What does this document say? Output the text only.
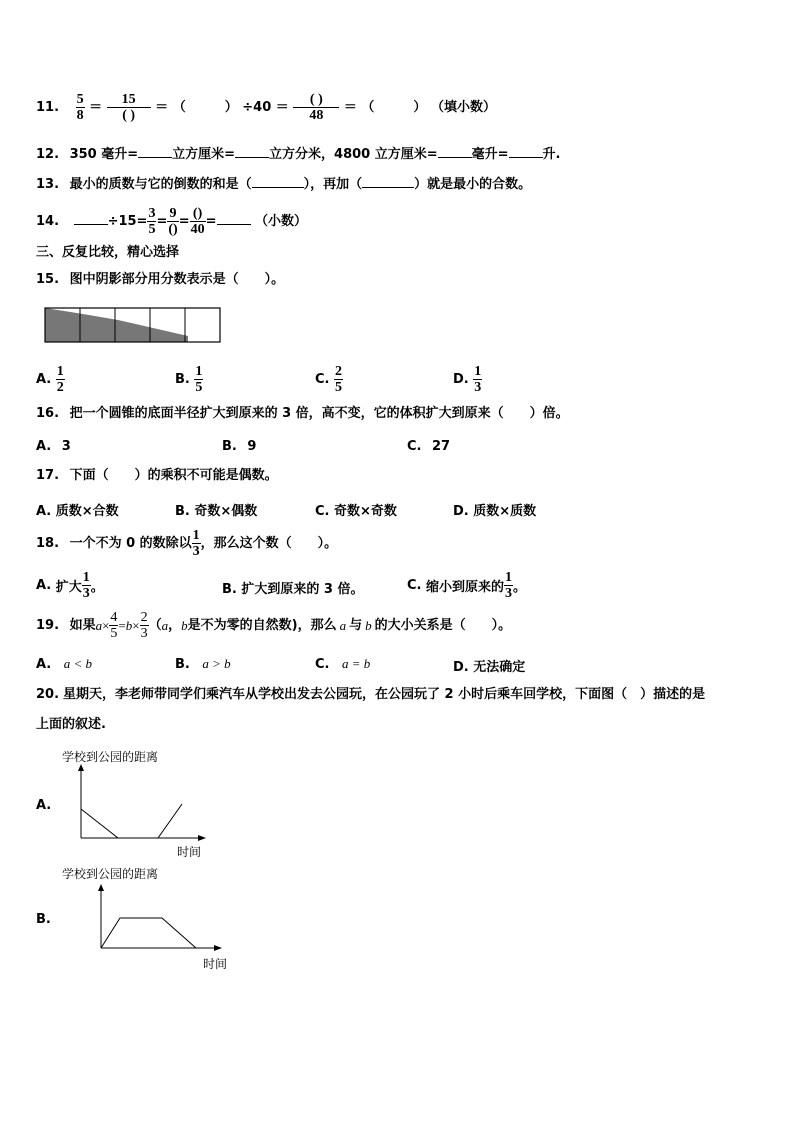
11. $\frac{5}{8} = \frac{15}{( )}$ ＝ （　　　） $\div 40 = \frac{( )}{48}$ ＝ （　　　） （填小数）
12. 350 毫升=	立方厘米=	立方分米，4800 立方厘米=	毫升=	升.
13. 最小的质数与它的倒数的和是（	），再加（	）就是最小的合数。
14.	$\div 15= \frac{3}{5} = \frac{9}{()} = \frac{()}{40}$ =	（小数）
三、反复比较，精心选择
15. 图中阴影部分用分数表示是（　　）。
A. $\frac{1}{2}$	B. $\frac{1}{5}$	C. $\frac{2}{5}$	D. $\frac{1}{3}$
16. 把一个圆锥的底面半径扩大到原来的 3 倍，高不变，它的体积扩大到原来（　　）倍。
A. 3	B. 9	C. 27
17. 下面（　　）的乘积不可能是偶数。
A. 质数×合数	B. 奇数×偶数	C. 奇数×奇数	D. 质数×质数
18. 一个不为 0 的数除以 $\frac{1}{3}$ ，那么这个数（　　）。
A. 扩大 $\frac{1}{3}$ 。	B. 扩大到原来的 3 倍。	C. 缩小到原来的 $\frac{1}{3}$ 。
19. 如果$a\times \frac{4}{5} =b\times \frac{2}{3} (a$，b是不为零的自然数)，那么 a 与 b 的大小关系是（　　）。
A. a < b	B. a > b	C. a = b	D. 无法确定
20. 星期天，李老师带同学们乘汽车从学校出发去公园玩，在公园玩了 2 小时后乘车回学校，下面图（　）描述的是
上面的叙述.
学校到公园的距离
A.
时间
学校到公园的距离
B.
时间
